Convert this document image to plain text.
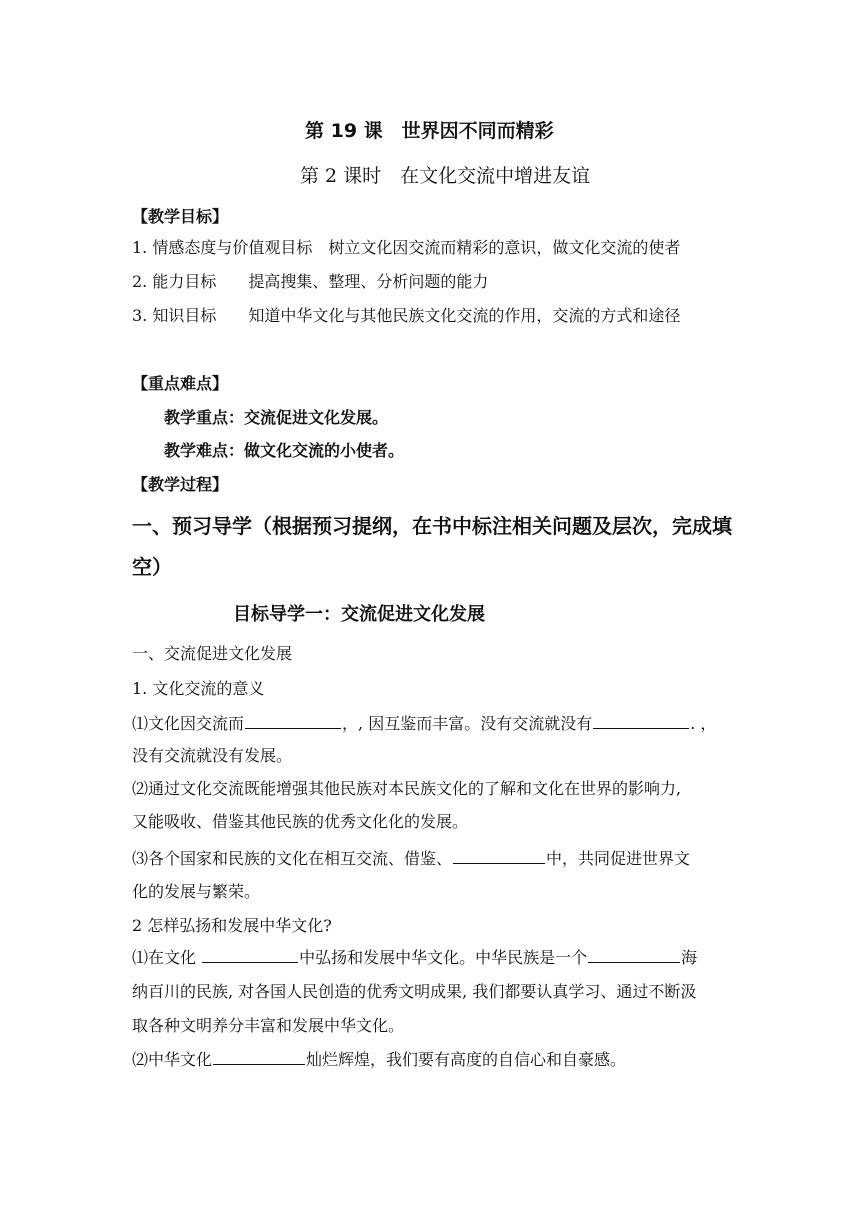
第 19 课　世界因不同而精彩
第 2 课时　在文化交流中增进友谊
【教学目标】
1. 情感态度与价值观目标　树立文化因交流而精彩的意识，做文化交流的使者
2. 能力目标　　提高搜集、整理、分析问题的能力
3. 知识目标　　知道中华文化与其他民族文化交流的作用，交流的方式和途径
【重点难点】
教学重点：交流促进文化发展。
教学难点：做文化交流的小使者。
【教学过程】
一、预习导学（根据预习提纲，在书中标注相关问题及层次，完成填
空）
目标导学一：交流促进文化发展
一、交流促进文化发展
1. 文化交流的意义
⑴文化因交流而	，, 因互鉴而丰富。没有交流就没有	. ，
没有交流就没有发展。
⑵通过文化交流既能增强其他民族对本民族文化的了解和文化在世界的影响力,
又能吸收、借鉴其他民族的优秀文化化的发展。
⑶各个国家和民族的文化在相互交流、借鉴、	中，共同促进世界文
化的发展与繁荣。
2 怎样弘扬和发展中华文化?
⑴在文化	中弘扬和发展中华文化。中华民族是一个	海
纳百川的民族, 对各国人民创造的优秀文明成果, 我们都要认真学习、通过不断汲
取各种文明养分丰富和发展中华文化。
⑵中华文化	灿烂辉煌，我们要有高度的自信心和自豪感。
